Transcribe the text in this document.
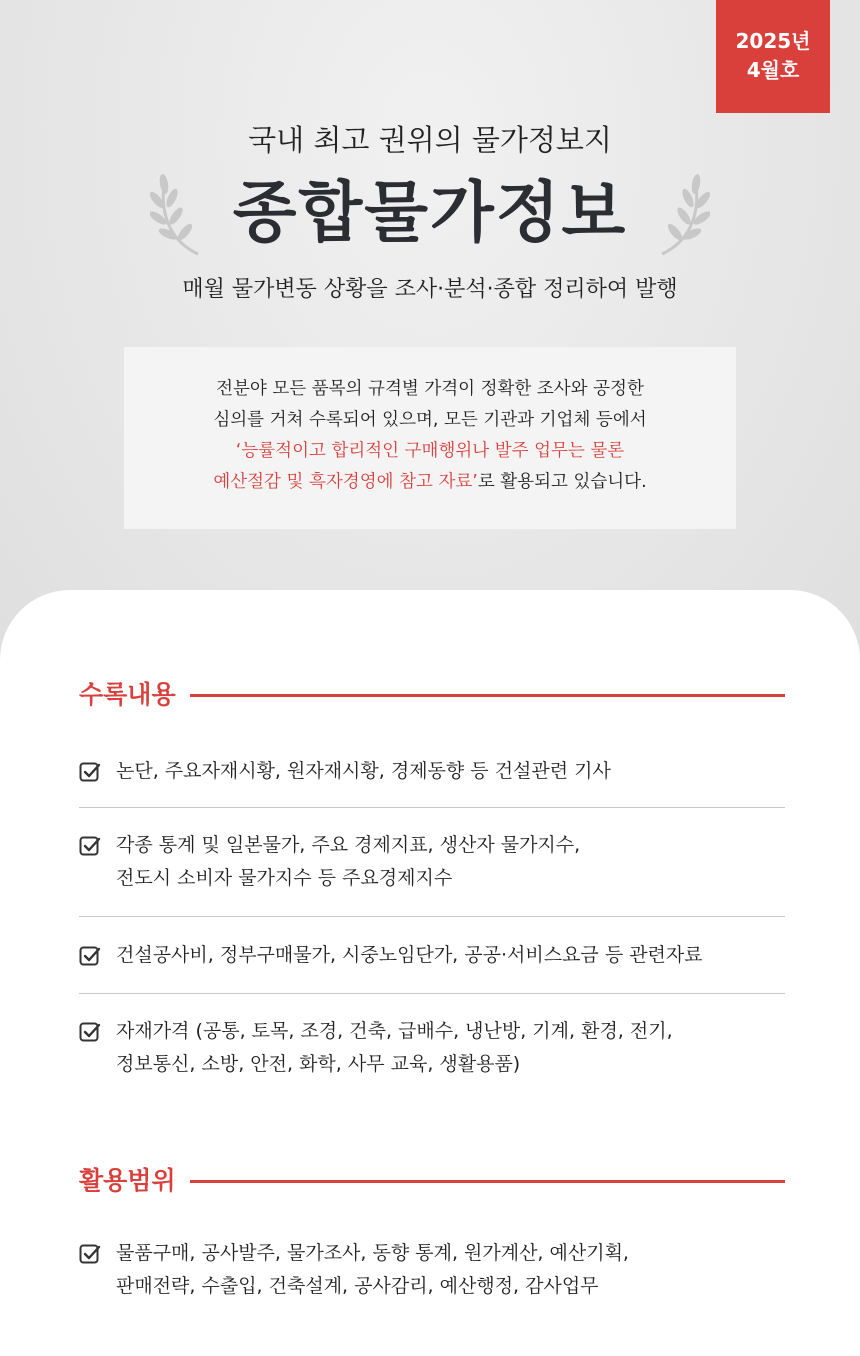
2025년
4월호
국내 최고 권위의 물가정보지
종합물가정보
매월 물가변동 상황을 조사·분석·종합 정리하여 발행
전분야 모든 품목의 규격별 가격이 정확한 조사와 공정한
심의를 거쳐 수록되어 있으며, 모든 기관과 기업체 등에서
‘능률적이고 합리적인 구매행위나 발주 업무는 물론
예산절감 및 흑자경영에 참고 자료’로 활용되고 있습니다.
수록내용
논단, 주요자재시황, 원자재시황, 경제동향 등 건설관련 기사
각종 통계 및 일본물가, 주요 경제지표, 생산자 물가지수,
전도시 소비자 물가지수 등 주요경제지수
건설공사비, 정부구매물가, 시중노임단가, 공공·서비스요금 등 관련자료
자재가격 (공통, 토목, 조경, 건축, 급배수, 냉난방, 기계, 환경, 전기,
정보통신, 소방, 안전, 화학, 사무 교육, 생활용품)
활용범위
물품구매, 공사발주, 물가조사, 동향 통계, 원가계산, 예산기획,
판매전략, 수출입, 건축설계, 공사감리, 예산행정, 감사업무
